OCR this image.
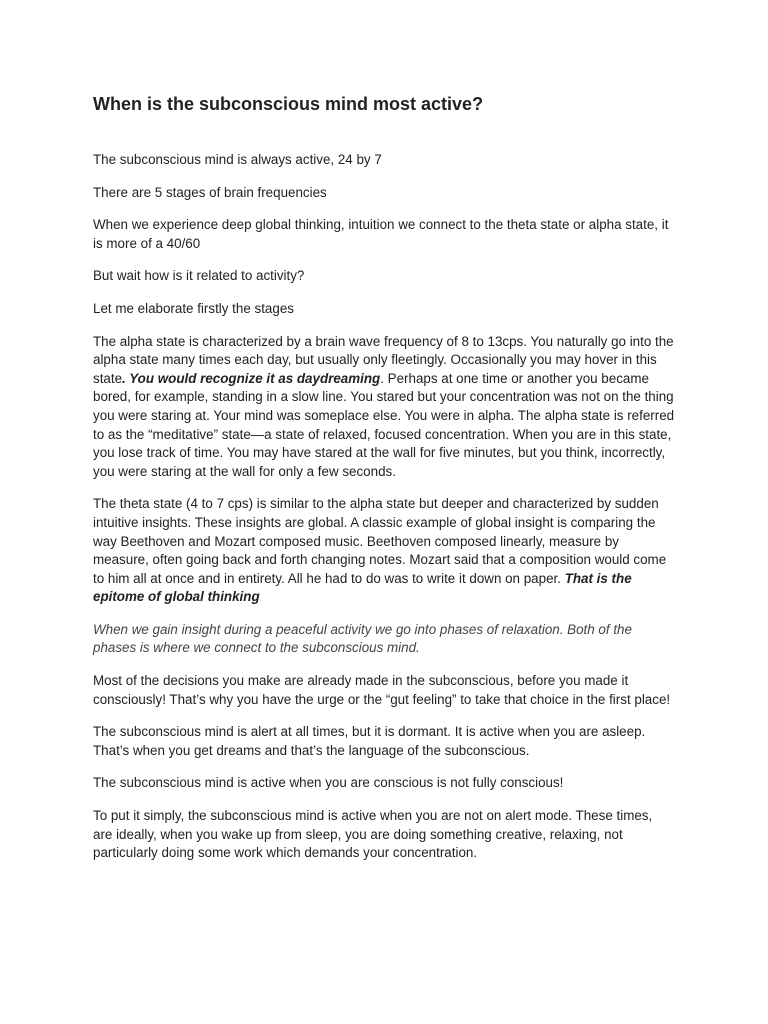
When is the subconscious mind most active?

The subconscious mind is always active, 24 by 7

There are 5 stages of brain frequencies

When we experience deep global thinking, intuition we connect to the theta state or alpha state, it is more of a 40/60

But wait how is it related to activity?

Let me elaborate firstly the stages

The alpha state is characterized by a brain wave frequency of 8 to 13cps. You naturally go into the alpha state many times each day, but usually only fleetingly. Occasionally you may hover in this state. You would recognize it as daydreaming. Perhaps at one time or another you became bored, for example, standing in a slow line. You stared but your concentration was not on the thing you were staring at. Your mind was someplace else. You were in alpha. The alpha state is referred to as the “meditative” state—a state of relaxed, focused concentration. When you are in this state, you lose track of time. You may have stared at the wall for five minutes, but you think, incorrectly, you were staring at the wall for only a few seconds.

The theta state (4 to 7 cps) is similar to the alpha state but deeper and characterized by sudden intuitive insights. These insights are global. A classic example of global insight is comparing the way Beethoven and Mozart composed music. Beethoven composed linearly, measure by measure, often going back and forth changing notes. Mozart said that a composition would come to him all at once and in entirety. All he had to do was to write it down on paper. That is the epitome of global thinking

When we gain insight during a peaceful activity we go into phases of relaxation. Both of the phases is where we connect to the subconscious mind.

Most of the decisions you make are already made in the subconscious, before you made it consciously! That’s why you have the urge or the “gut feeling” to take that choice in the first place!

The subconscious mind is alert at all times, but it is dormant. It is active when you are asleep. That’s when you get dreams and that’s the language of the subconscious.

The subconscious mind is active when you are conscious is not fully conscious!

To put it simply, the subconscious mind is active when you are not on alert mode. These times, are ideally, when you wake up from sleep, you are doing something creative, relaxing, not particularly doing some work which demands your concentration.
